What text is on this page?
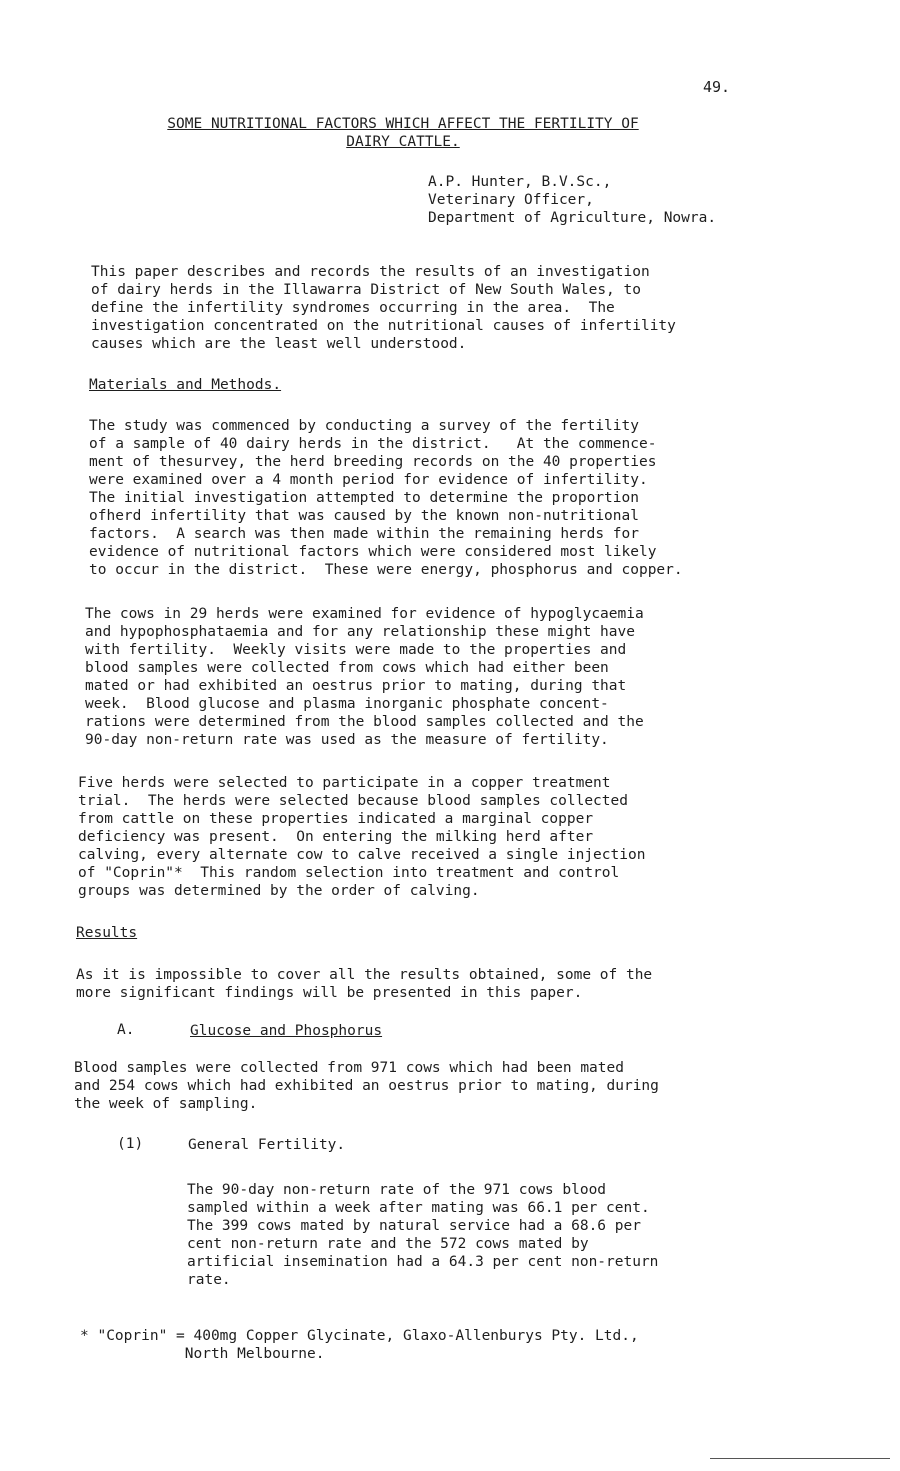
49.
SOME NUTRITIONAL FACTORS WHICH AFFECT THE FERTILITY OF
DAIRY CATTLE.
A.P. Hunter, B.V.Sc.,
Veterinary Officer,
Department of Agriculture, Nowra.

This paper describes and records the results of an investigation
of dairy herds in the Illawarra District of New South Wales, to
define the infertility syndromes occurring in the area.  The
investigation concentrated on the nutritional causes of infertility
causes which are the least well understood.

Materials and Methods.

The study was commenced by conducting a survey of the fertility
of a sample of 40 dairy herds in the district.   At the commence-
ment of thesurvey, the herd breeding records on the 40 properties
were examined over a 4 month period for evidence of infertility.
The initial investigation attempted to determine the proportion
ofherd infertility that was caused by the known non-nutritional
factors.  A search was then made within the remaining herds for
evidence of nutritional factors which were considered most likely
to occur in the district.  These were energy, phosphorus and copper.

The cows in 29 herds were examined for evidence of hypoglycaemia
and hypophosphataemia and for any relationship these might have
with fertility.  Weekly visits were made to the properties and
blood samples were collected from cows which had either been
mated or had exhibited an oestrus prior to mating, during that
week.  Blood glucose and plasma inorganic phosphate concent-
rations were determined from the blood samples collected and the
90-day non-return rate was used as the measure of fertility.

Five herds were selected to participate in a copper treatment
trial.  The herds were selected because blood samples collected
from cattle on these properties indicated a marginal copper
deficiency was present.  On entering the milking herd after
calving, every alternate cow to calve received a single injection
of "Coprin"*  This random selection into treatment and control
groups was determined by the order of calving.

Results

As it is impossible to cover all the results obtained, some of the
more significant findings will be presented in this paper.

A.	Glucose and Phosphorus

Blood samples were collected from 971 cows which had been mated
and 254 cows which had exhibited an oestrus prior to mating, during
the week of sampling.

(1)	General Fertility.

The 90-day non-return rate of the 971 cows blood
sampled within a week after mating was 66.1 per cent.
The 399 cows mated by natural service had a 68.6 per
cent non-return rate and the 572 cows mated by
artificial insemination had a 64.3 per cent non-return
rate.

* "Coprin" = 400mg Copper Glycinate, Glaxo-Allenburys Pty. Ltd.,
North Melbourne.
